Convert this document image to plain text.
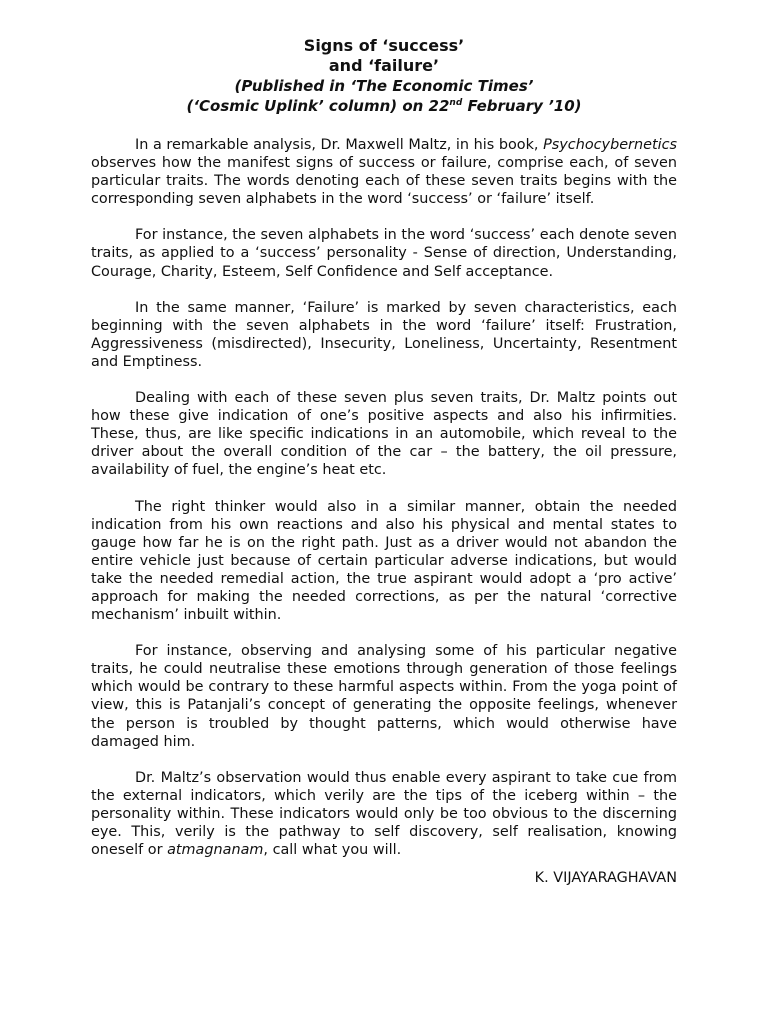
Signs of ‘success’
and ‘failure’
(Published in ‘The Economic Times’
(‘Cosmic Uplink’ column) on 22nd February ’10)

In a remarkable analysis, Dr. Maxwell Maltz, in his book, Psychocybernetics observes how the manifest signs of success or failure, comprise each, of seven particular traits. The words denoting each of these seven traits begins with the corresponding seven alphabets in the word ‘success’ or ‘failure’ itself.

For instance, the seven alphabets in the word ‘success’ each denote seven traits, as applied to a ‘success’ personality - Sense of direction, Understanding, Courage, Charity, Esteem, Self Confidence and Self acceptance.

In the same manner, ‘Failure’ is marked by seven characteristics, each beginning with the seven alphabets in the word ‘failure’ itself: Frustration, Aggressiveness (misdirected), Insecurity, Loneliness, Uncertainty, Resentment and Emptiness.

Dealing with each of these seven plus seven traits, Dr. Maltz points out how these give indication of one’s positive aspects and also his infirmities. These, thus, are like specific indications in an automobile, which reveal to the driver about the overall condition of the car – the battery, the oil pressure, availability of fuel, the engine’s heat etc.

The right thinker would also in a similar manner, obtain the needed indication from his own reactions and also his physical and mental states to gauge how far he is on the right path. Just as a driver would not abandon the entire vehicle just because of certain particular adverse indications, but would take the needed remedial action, the true aspirant would adopt a ‘pro active’ approach for making the needed corrections, as per the natural ‘corrective mechanism’ inbuilt within.

For instance, observing and analysing some of his particular negative traits, he could neutralise these emotions through generation of those feelings which would be contrary to these harmful aspects within. From the yoga point of view, this is Patanjali’s concept of generating the opposite feelings, whenever the person is troubled by thought patterns, which would otherwise have damaged him.

Dr. Maltz’s observation would thus enable every aspirant to take cue from the external indicators, which verily are the tips of the iceberg within – the personality within. These indicators would only be too obvious to the discerning eye. This, verily is the pathway to self discovery, self realisation, knowing oneself or atmagnanam, call what you will.

K. VIJAYARAGHAVAN
